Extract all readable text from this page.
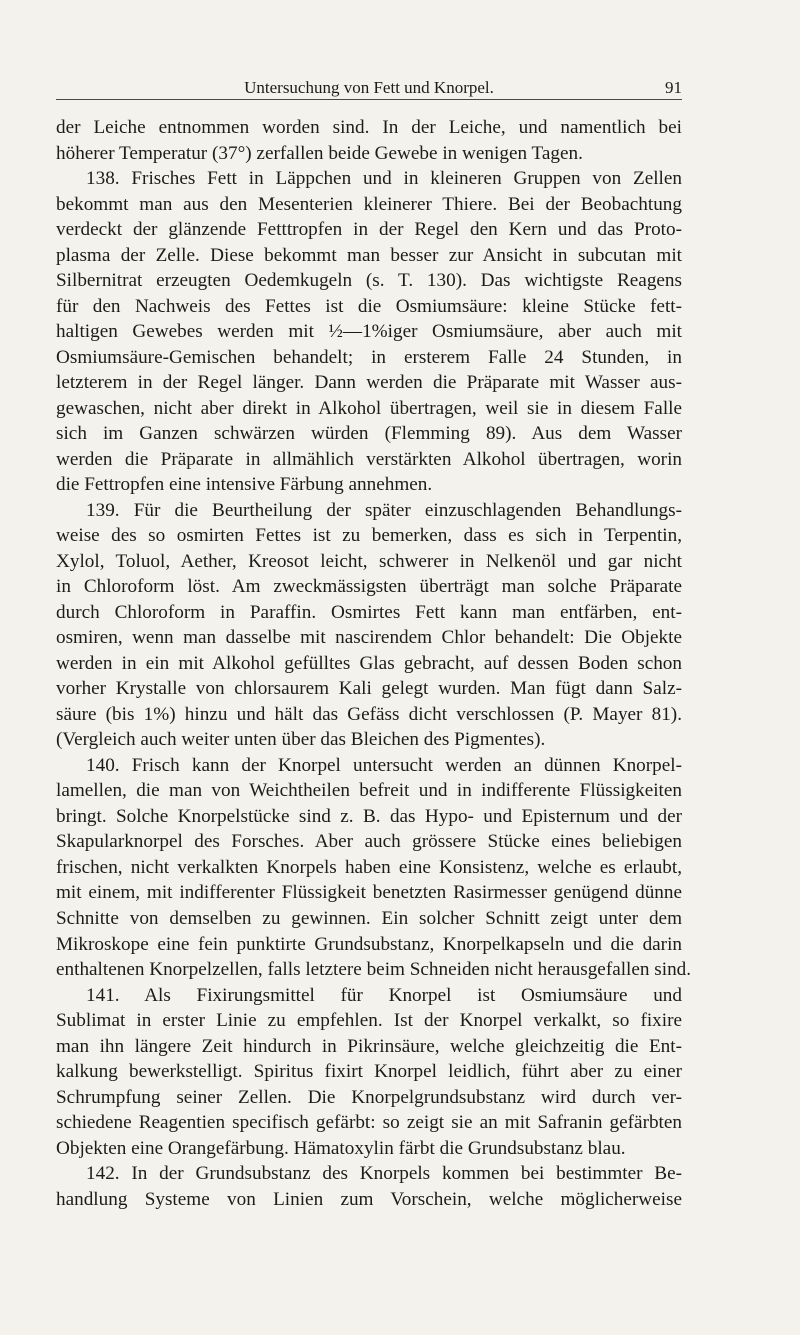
Untersuchung von Fett und Knorpel.	91
der Leiche entnommen worden sind. In der Leiche, und namentlich bei
höherer Temperatur (37°) zerfallen beide Gewebe in wenigen Tagen.
138. Frisches Fett in Läppchen und in kleineren Gruppen von Zellen
bekommt man aus den Mesenterien kleinerer Thiere. Bei der Beobachtung
verdeckt der glänzende Fetttropfen in der Regel den Kern und das Proto-
plasma der Zelle. Diese bekommt man besser zur Ansicht in subcutan mit
Silbernitrat erzeugten Oedemkugeln (s. T. 130). Das wichtigste Reagens
für den Nachweis des Fettes ist die Osmiumsäure: kleine Stücke fett-
haltigen Gewebes werden mit ½—1%iger Osmiumsäure, aber auch mit
Osmiumsäure-Gemischen behandelt; in ersterem Falle 24 Stunden, in
letzterem in der Regel länger. Dann werden die Präparate mit Wasser aus-
gewaschen, nicht aber direkt in Alkohol übertragen, weil sie in diesem Falle
sich im Ganzen schwärzen würden (Flemming 89). Aus dem Wasser
werden die Präparate in allmählich verstärkten Alkohol übertragen, worin
die Fettropfen eine intensive Färbung annehmen.
139. Für die Beurtheilung der später einzuschlagenden Behandlungs-
weise des so osmirten Fettes ist zu bemerken, dass es sich in Terpentin,
Xylol, Toluol, Aether, Kreosot leicht, schwerer in Nelkenöl und gar nicht
in Chloroform löst. Am zweckmässigsten überträgt man solche Präparate
durch Chloroform in Paraffin. Osmirtes Fett kann man entfärben, ent-
osmiren, wenn man dasselbe mit nascirendem Chlor behandelt: Die Objekte
werden in ein mit Alkohol gefülltes Glas gebracht, auf dessen Boden schon
vorher Krystalle von chlorsaurem Kali gelegt wurden. Man fügt dann Salz-
säure (bis 1%) hinzu und hält das Gefäss dicht verschlossen (P. Mayer 81).
(Vergleich auch weiter unten über das Bleichen des Pigmentes).
140. Frisch kann der Knorpel untersucht werden an dünnen Knorpel-
lamellen, die man von Weichtheilen befreit und in indifferente Flüssigkeiten
bringt. Solche Knorpelstücke sind z. B. das Hypo- und Episternum und der
Skapularknorpel des Forsches. Aber auch grössere Stücke eines beliebigen
frischen, nicht verkalkten Knorpels haben eine Konsistenz, welche es erlaubt,
mit einem, mit indifferenter Flüssigkeit benetzten Rasirmesser genügend dünne
Schnitte von demselben zu gewinnen. Ein solcher Schnitt zeigt unter dem
Mikroskope eine fein punktirte Grundsubstanz, Knorpelkapseln und die darin
enthaltenen Knorpelzellen, falls letztere beim Schneiden nicht herausgefallen sind.
141. Als Fixirungsmittel für Knorpel ist Osmiumsäure und
Sublimat in erster Linie zu empfehlen. Ist der Knorpel verkalkt, so fixire
man ihn längere Zeit hindurch in Pikrinsäure, welche gleichzeitig die Ent-
kalkung bewerkstelligt. Spiritus fixirt Knorpel leidlich, führt aber zu einer
Schrumpfung seiner Zellen. Die Knorpelgrundsubstanz wird durch ver-
schiedene Reagentien specifisch gefärbt: so zeigt sie an mit Safranin gefärbten
Objekten eine Orangefärbung. Hämatoxylin färbt die Grundsubstanz blau.
142. In der Grundsubstanz des Knorpels kommen bei bestimmter Be-
handlung Systeme von Linien zum Vorschein, welche möglicherweise
